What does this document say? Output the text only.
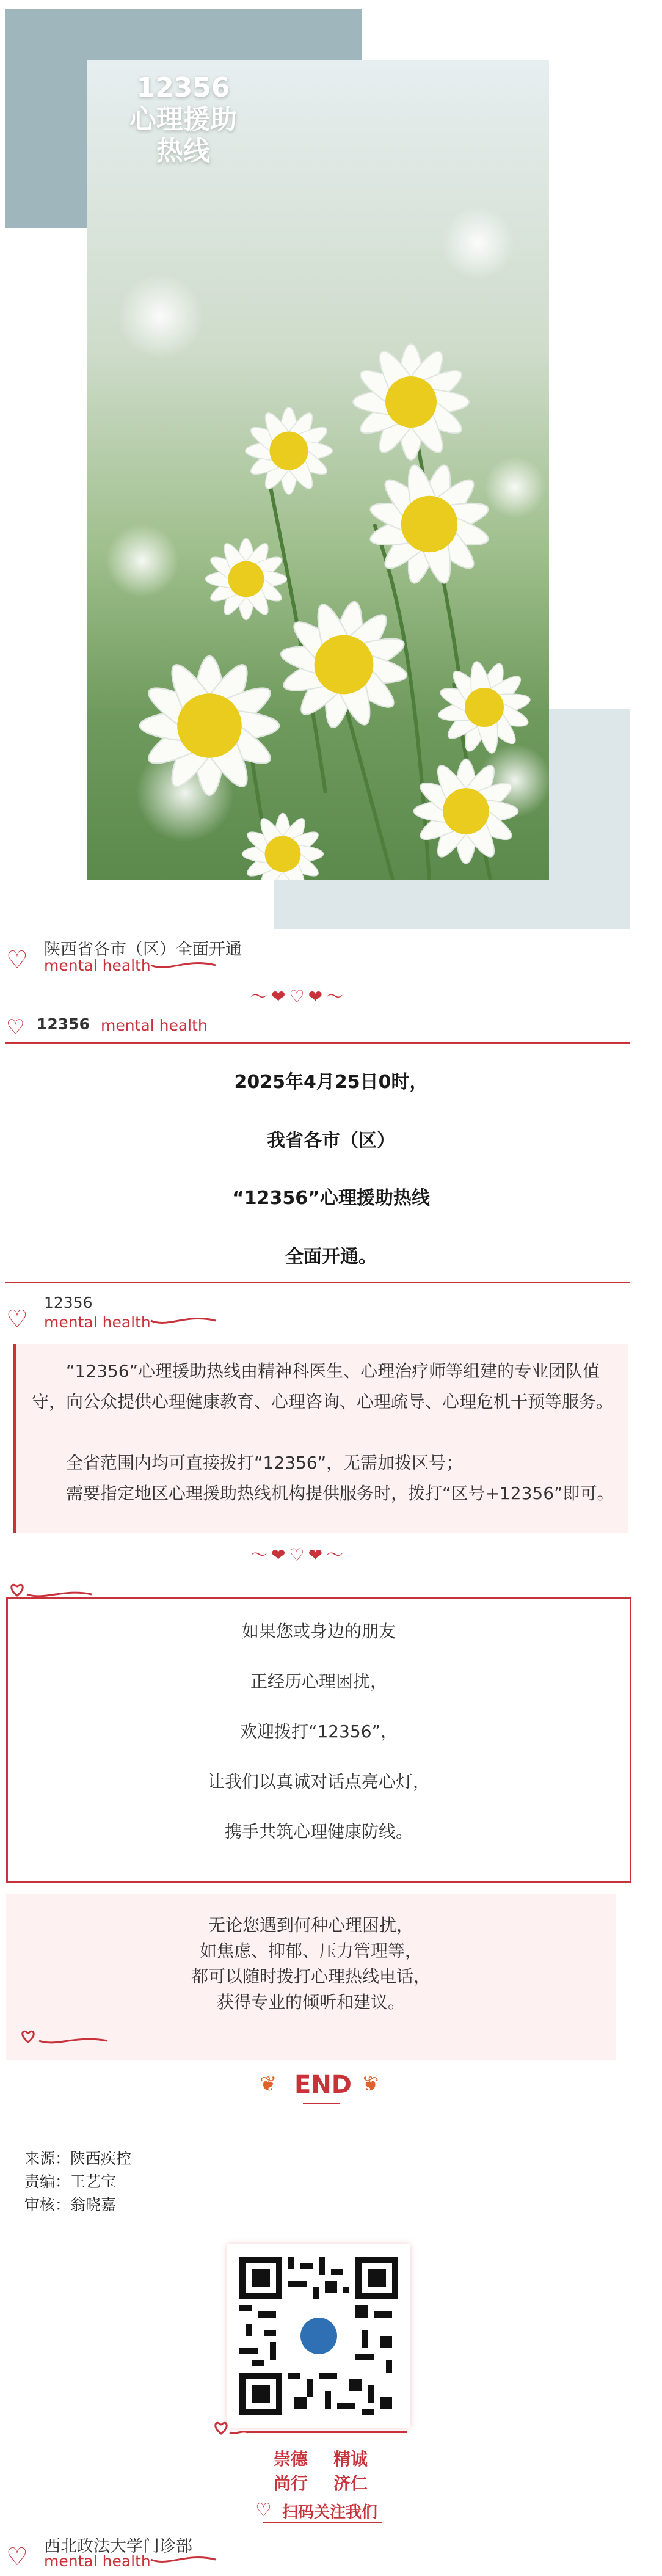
12356
心理援助
热线
♡ 陕西省各市（区）全面开通
mental health
～❤♡❤～
♡ 12356 mental health
2025年4月25日0时，
我省各市（区）
“12356”心理援助热线
全面开通。
♡
12356
mental health
“12356”心理援助热线由精神科医生、心理治疗师等组建的专业团队值守，向公众提供心理健康教育、心理咨询、心理疏导、心理危机干预等服务。
全省范围内均可直接拨打“12356”，无需加拨区号；
需要指定地区心理援助热线机构提供服务时，拨打“区号+12356”即可。
～❤♡❤～
如果您或身边的朋友
正经历心理困扰，
欢迎拨打“12356”，
让我们以真诚对话点亮心灯，
携手共筑心理健康防线。
无论您遇到何种心理困扰，
如焦虑、抑郁、压力管理等，
都可以随时拨打心理热线电话，
获得专业的倾听和建议。
❦ END ❦
来源：陕西疾控
责编：王艺宝
审核：翁晓嘉
崇德 精诚
尚行 济仁
♡ 扫码关注我们
♡ 西北政法大学门诊部
mental health
